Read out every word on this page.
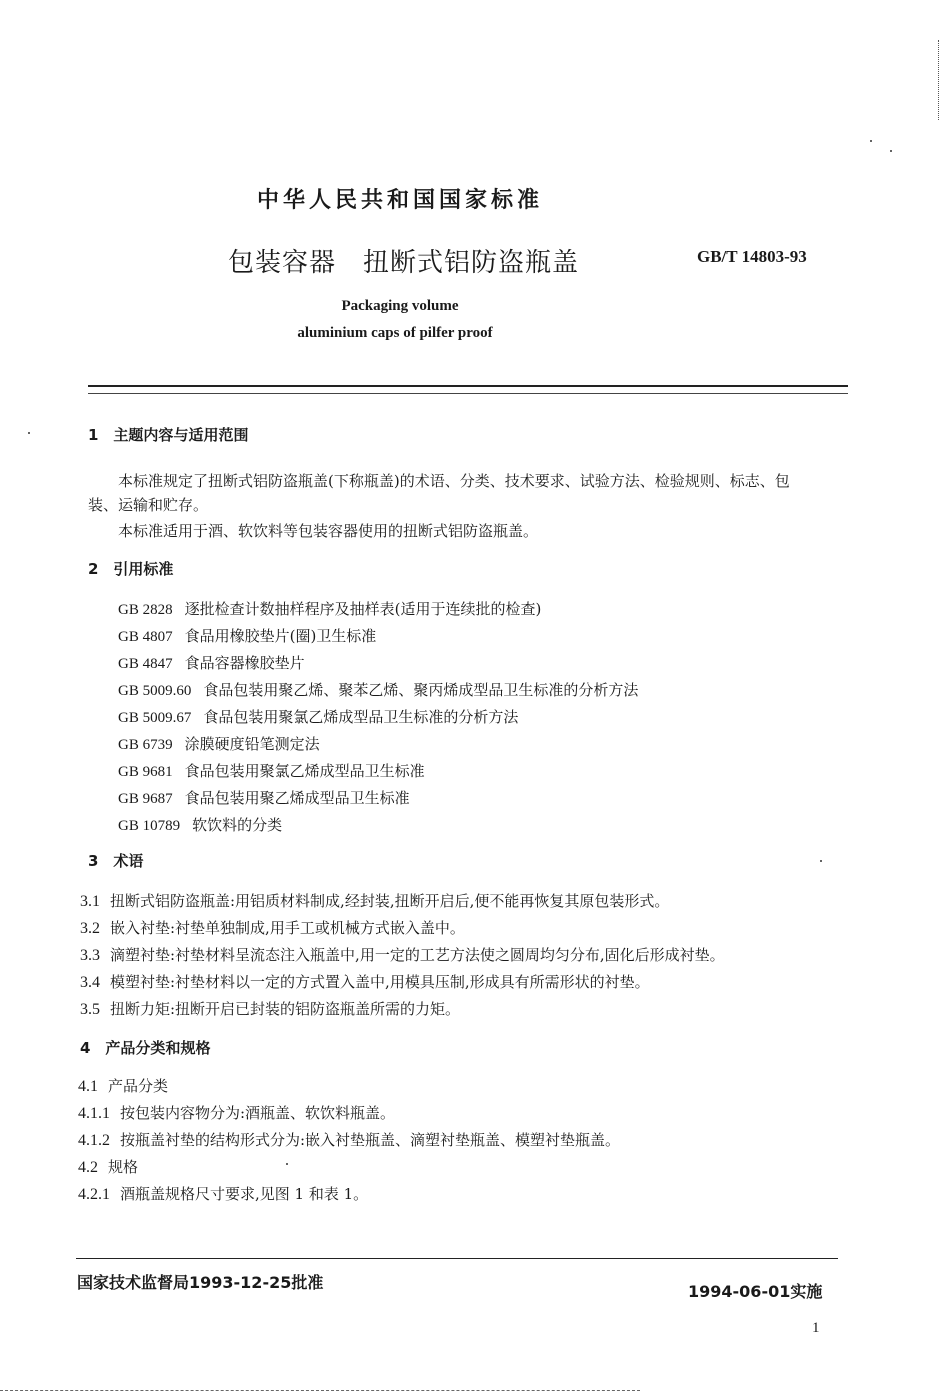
中华人民共和国国家标准
包装容器　扭断式铝防盗瓶盖	GB/T 14803-93
Packaging volume
aluminium caps of pilfer proof
1　主题内容与适用范围
本标准规定了扭断式铝防盗瓶盖(下称瓶盖)的术语、分类、技术要求、试验方法、检验规则、标志、包
装、运输和贮存。
本标准适用于酒、软饮料等包装容器使用的扭断式铝防盗瓶盖。
2　引用标准
GB 2828 逐批检查计数抽样程序及抽样表(适用于连续批的检查)
GB 4807 食品用橡胶垫片(圈)卫生标准
GB 4847 食品容器橡胶垫片
GB 5009.60 食品包装用聚乙烯、聚苯乙烯、聚丙烯成型品卫生标准的分析方法
GB 5009.67 食品包装用聚氯乙烯成型品卫生标准的分析方法
GB 6739 涂膜硬度铅笔测定法
GB 9681 食品包装用聚氯乙烯成型品卫生标准
GB 9687 食品包装用聚乙烯成型品卫生标准
GB 10789 软饮料的分类
3　术语
3.1 扭断式铝防盗瓶盖:用铝质材料制成,经封装,扭断开启后,便不能再恢复其原包装形式。
3.2 嵌入衬垫:衬垫单独制成,用手工或机械方式嵌入盖中。
3.3 滴塑衬垫:衬垫材料呈流态注入瓶盖中,用一定的工艺方法使之圆周均匀分布,固化后形成衬垫。
3.4 模塑衬垫:衬垫材料以一定的方式置入盖中,用模具压制,形成具有所需形状的衬垫。
3.5 扭断力矩:扭断开启已封装的铝防盗瓶盖所需的力矩。
4　产品分类和规格
4.1 产品分类
4.1.1 按包装内容物分为:酒瓶盖、软饮料瓶盖。
4.1.2 按瓶盖衬垫的结构形式分为:嵌入衬垫瓶盖、滴塑衬垫瓶盖、模塑衬垫瓶盖。
4.2 规格
4.2.1 酒瓶盖规格尺寸要求,见图 1 和表 1。
国家技术监督局1993-12-25批准	1994-06-01实施
1
